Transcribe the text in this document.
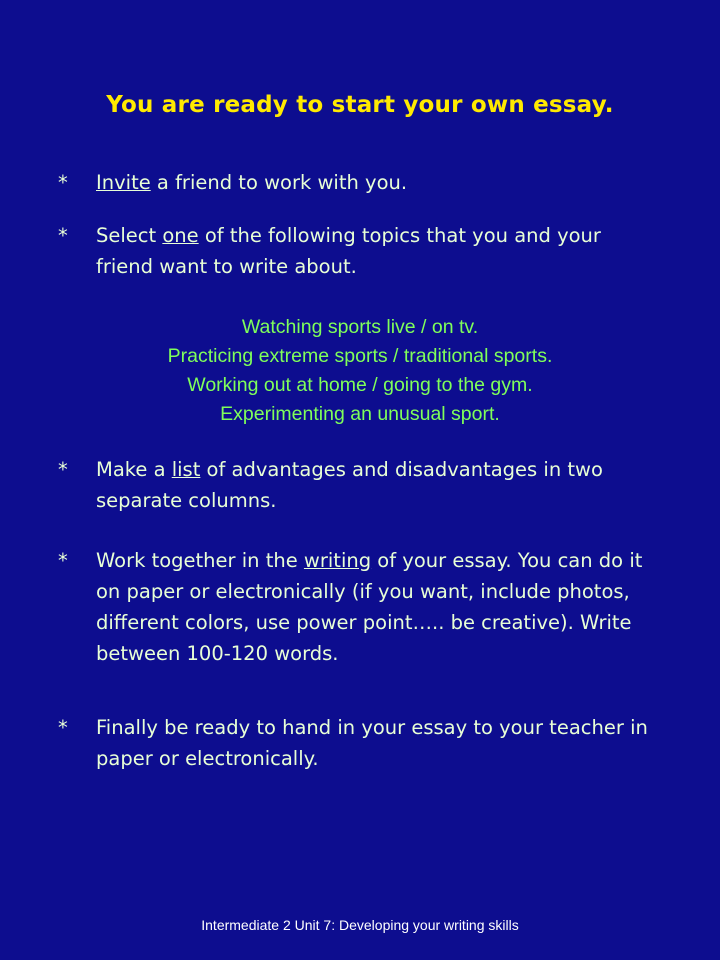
You are ready to start your own essay.
*	Invite a friend to work with you.
*	Select one of the following topics that you and your friend want to write about.
Watching sports live / on tv.
Practicing extreme sports / traditional sports.
Working out at home / going to the gym.
Experimenting an unusual sport.
*	Make a list of advantages and disadvantages in two separate columns.
*	Work together in the writing of your essay. You can do it on paper or electronically (if you want, include photos, different colors, use power point….. be creative). Write between 100-120 words.
*	Finally be ready to hand in your essay to your teacher in paper or electronically.
Intermediate 2 Unit 7: Developing your writing skills
